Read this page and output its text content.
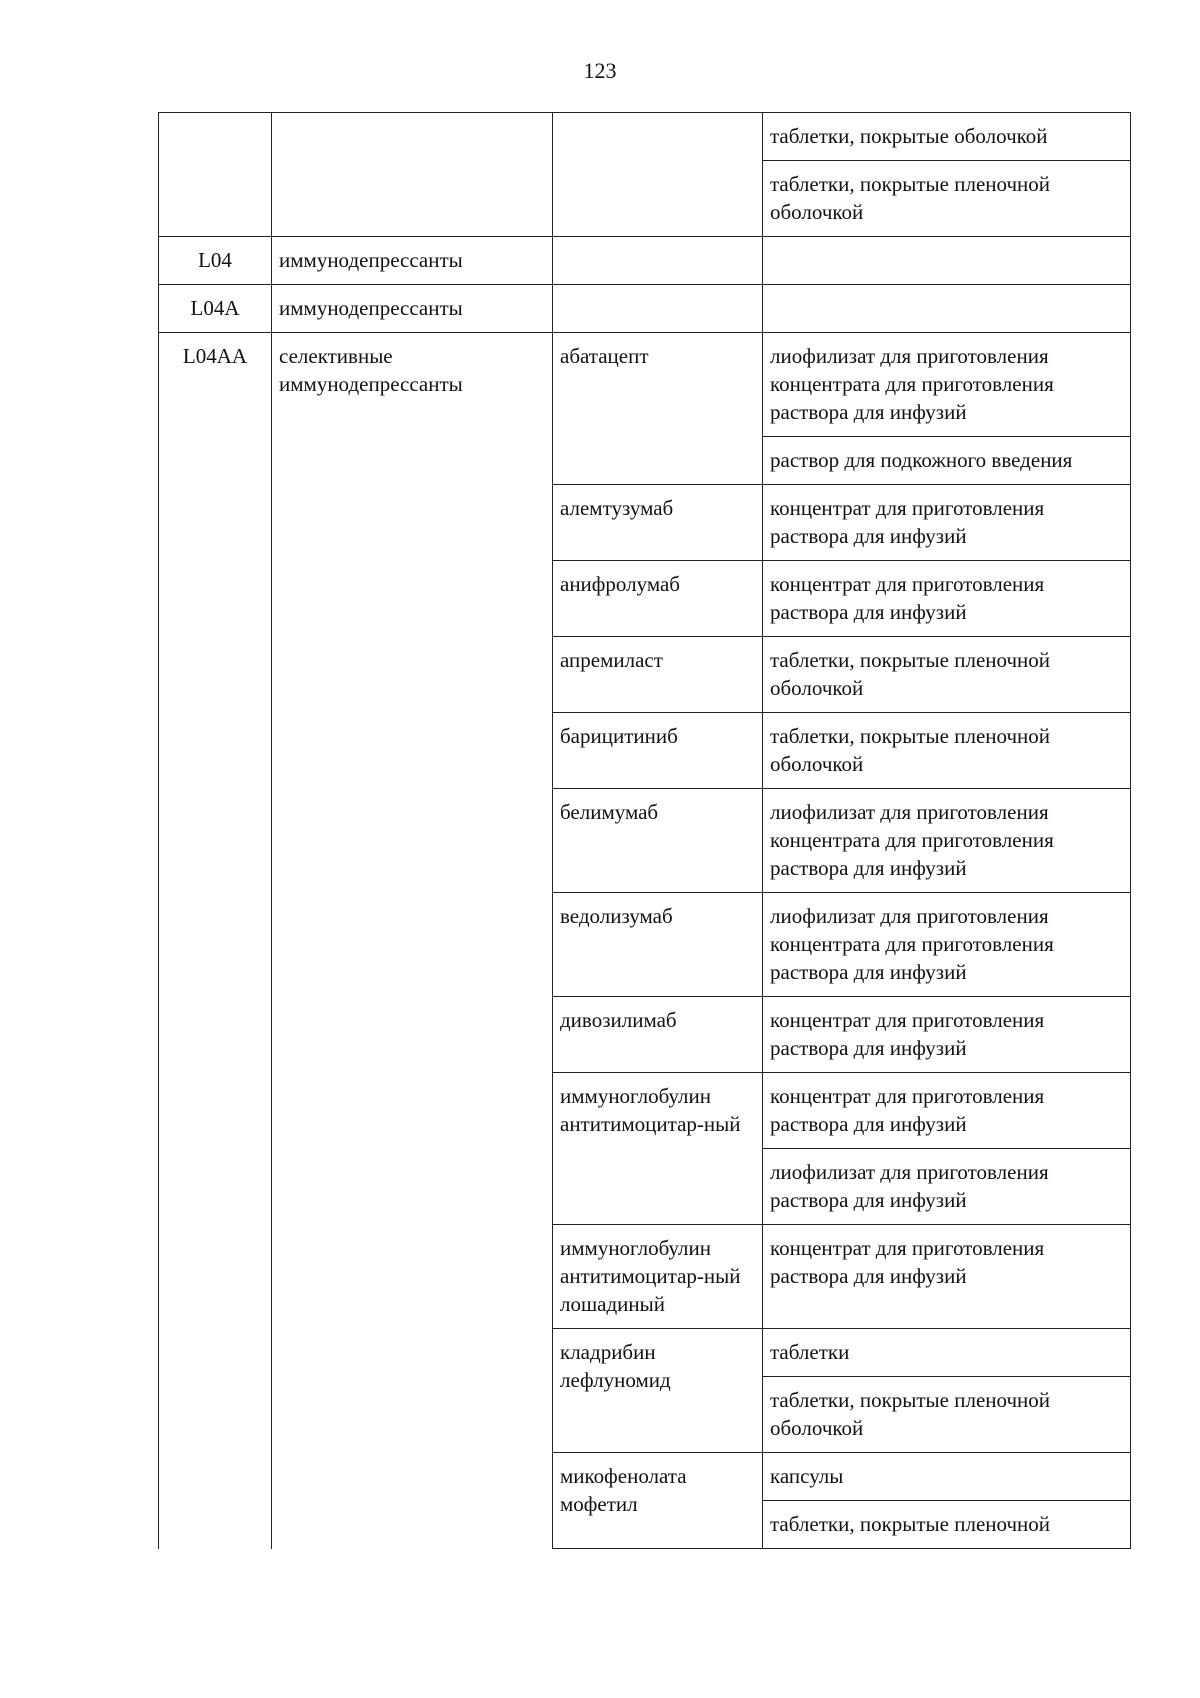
123
			таблетки, покрытые оболочкой
			таблетки, покрытые пленочной оболочкой
L04	иммунодепрессанты		
L04A	иммунодепрессанты		
L04AA	селективные иммунодепрессанты	абатацепт	лиофилизат для приготовления концентрата для приготовления раствора для инфузий
			раствор для подкожного введения
		алемтузумаб	концентрат для приготовления раствора для инфузий
		анифролумаб	концентрат для приготовления раствора для инфузий
		апремиласт	таблетки, покрытые пленочной оболочкой
		барицитиниб	таблетки, покрытые пленочной оболочкой
		белимумаб	лиофилизат для приготовления концентрата для приготовления раствора для инфузий
		ведолизумаб	лиофилизат для приготовления концентрата для приготовления раствора для инфузий
		дивозилимаб	концентрат для приготовления раствора для инфузий
		иммуноглобулин антитимоцитар-ный	концентрат для приготовления раствора для инфузий
			лиофилизат для приготовления раствора для инфузий
		иммуноглобулин антитимоцитар-ный лошадиный	концентрат для приготовления раствора для инфузий
		кладрибин лефлуномид	таблетки
			таблетки, покрытые пленочной оболочкой
		микофенолата мофетил	капсулы
			таблетки, покрытые пленочной
